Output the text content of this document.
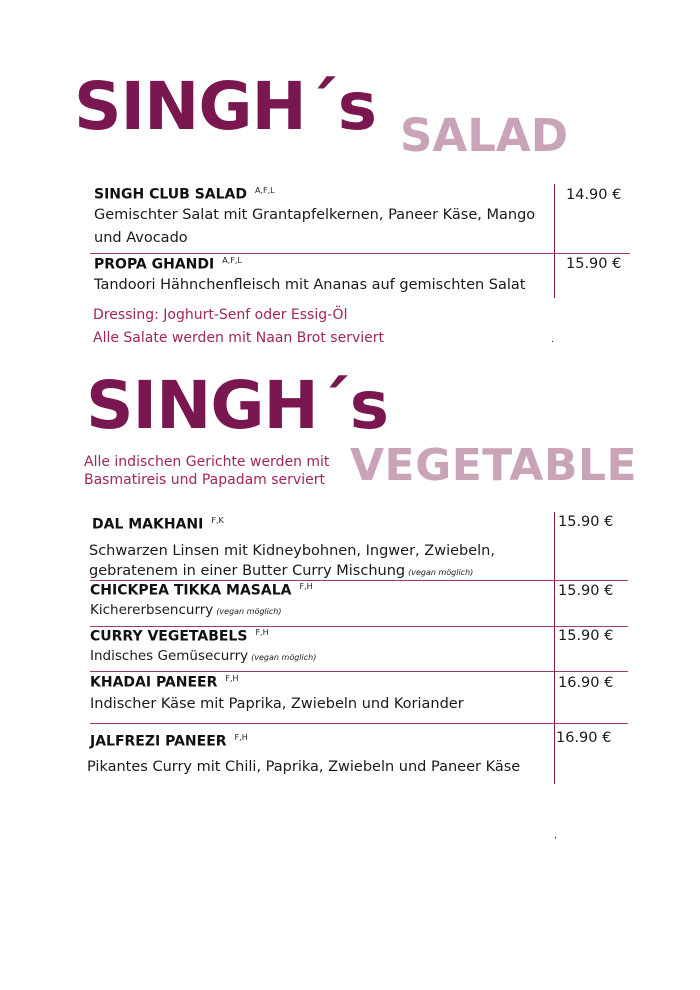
SINGH´s SALAD
SINGH CLUB SALAD $^{A,F,L}$
Gemischter Salat mit Grantapfelkernen, Paneer Käse, Mango
und Avocado
14.90 €
PROPA GHANDI $^{A,F,L}$
Tandoori Hähnchenfleisch mit Ananas auf gemischten Salat
15.90 €
Dressing: Joghurt-Senf oder Essig-Öl
Alle Salate werden mit Naan Brot serviert	.
SINGH´s
Alle indischen Gerichte werden mit
Basmatireis und Papadam serviert VEGETABLE
DAL MAKHANI $^{F,K}$
Schwarzen Linsen mit Kidneybohnen, Ingwer, Zwiebeln,
gebratenem in einer Butter Curry Mischung (vegan möglich)
15.90 €
CHICKPEA TIKKA MASALA $^{F,H}$
Kichererbsencurry (vegan möglich)
15.90 €
CURRY VEGETABELS $^{F,H}$
Indisches Gemüsecurry (vegan möglich)
15.90 €
KHADAI PANEER $^{F,H}$
Indischer Käse mit Paprika, Zwiebeln und Koriander
16.90 €
JALFREZI PANEER $^{F,H}$
Pikantes Curry mit Chili, Paprika, Zwiebeln und Paneer Käse
16.90 €
,
